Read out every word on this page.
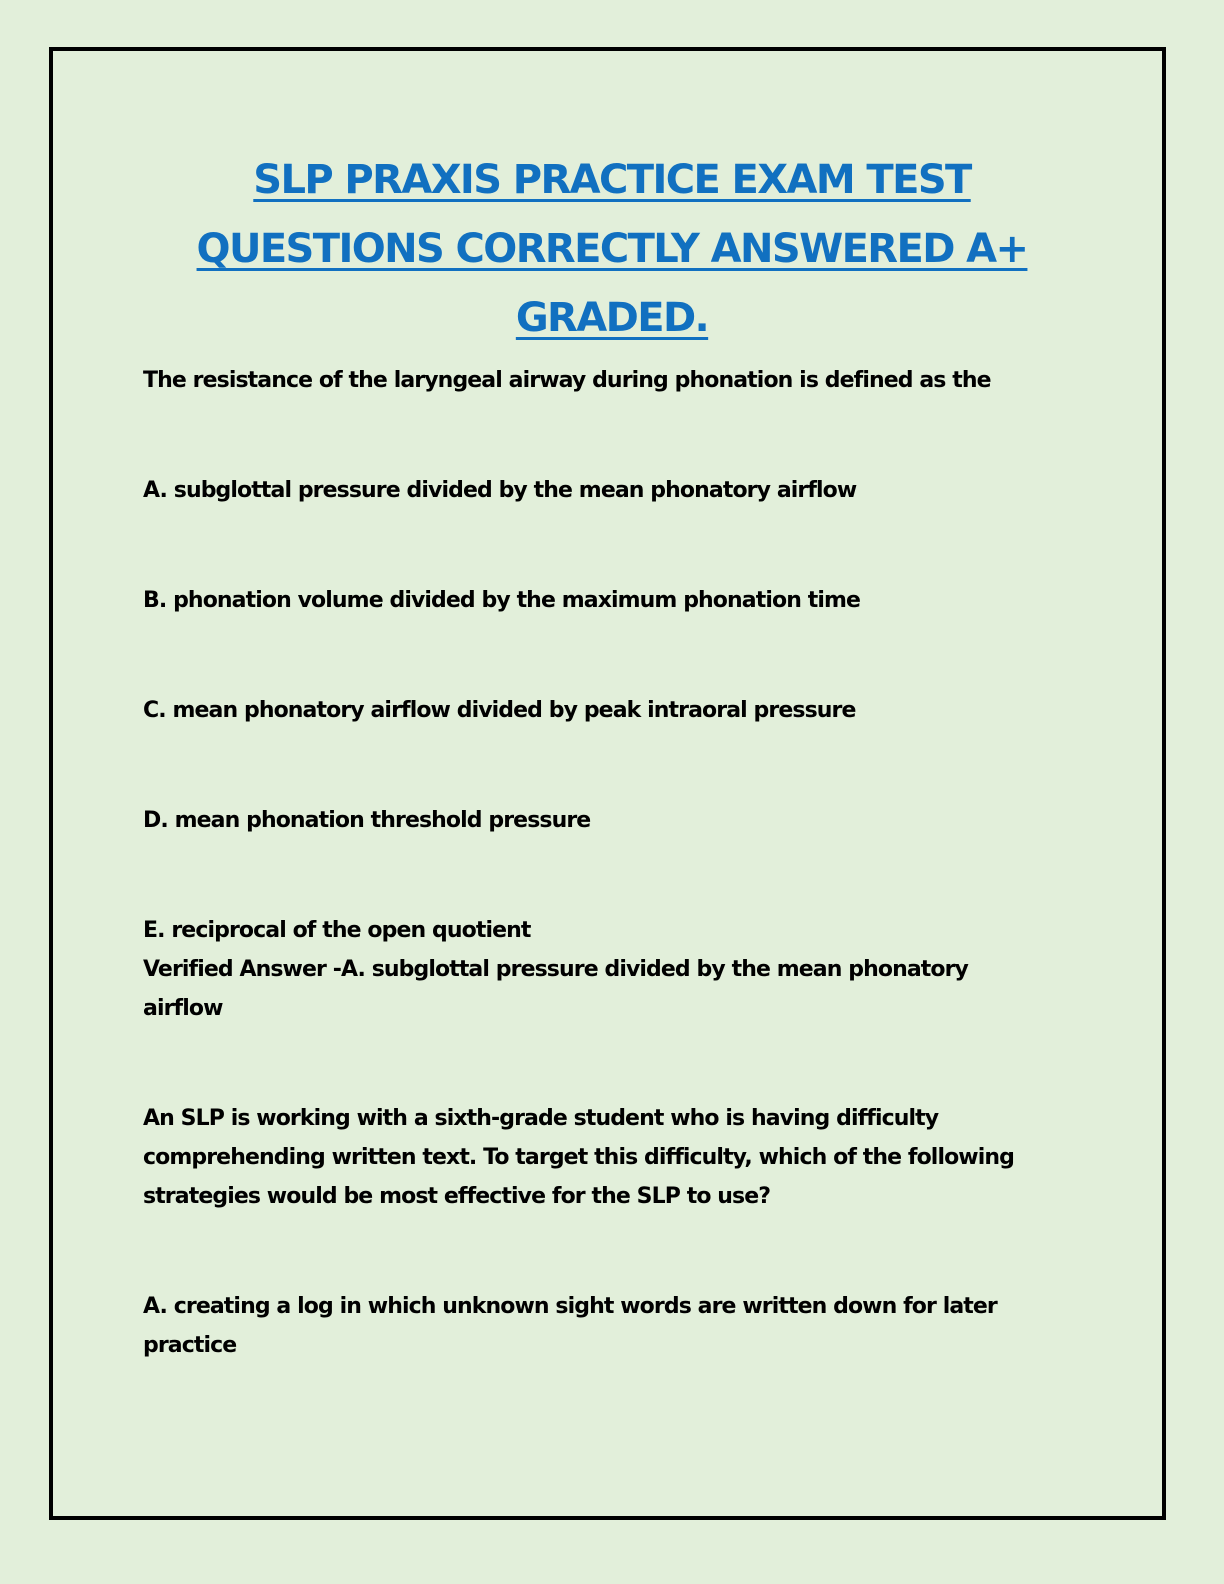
SLP PRAXIS PRACTICE EXAM TEST
QUESTIONS CORRECTLY ANSWERED A+
GRADED.
The resistance of the laryngeal airway during phonation is defined as the
A. subglottal pressure divided by the mean phonatory airflow
B. phonation volume divided by the maximum phonation time
C. mean phonatory airflow divided by peak intraoral pressure
D. mean phonation threshold pressure
E. reciprocal of the open quotient
Verified Answer -A. subglottal pressure divided by the mean phonatory
airflow
An SLP is working with a sixth-grade student who is having difficulty
comprehending written text. To target this difficulty, which of the following
strategies would be most effective for the SLP to use?
A. creating a log in which unknown sight words are written down for later
practice
